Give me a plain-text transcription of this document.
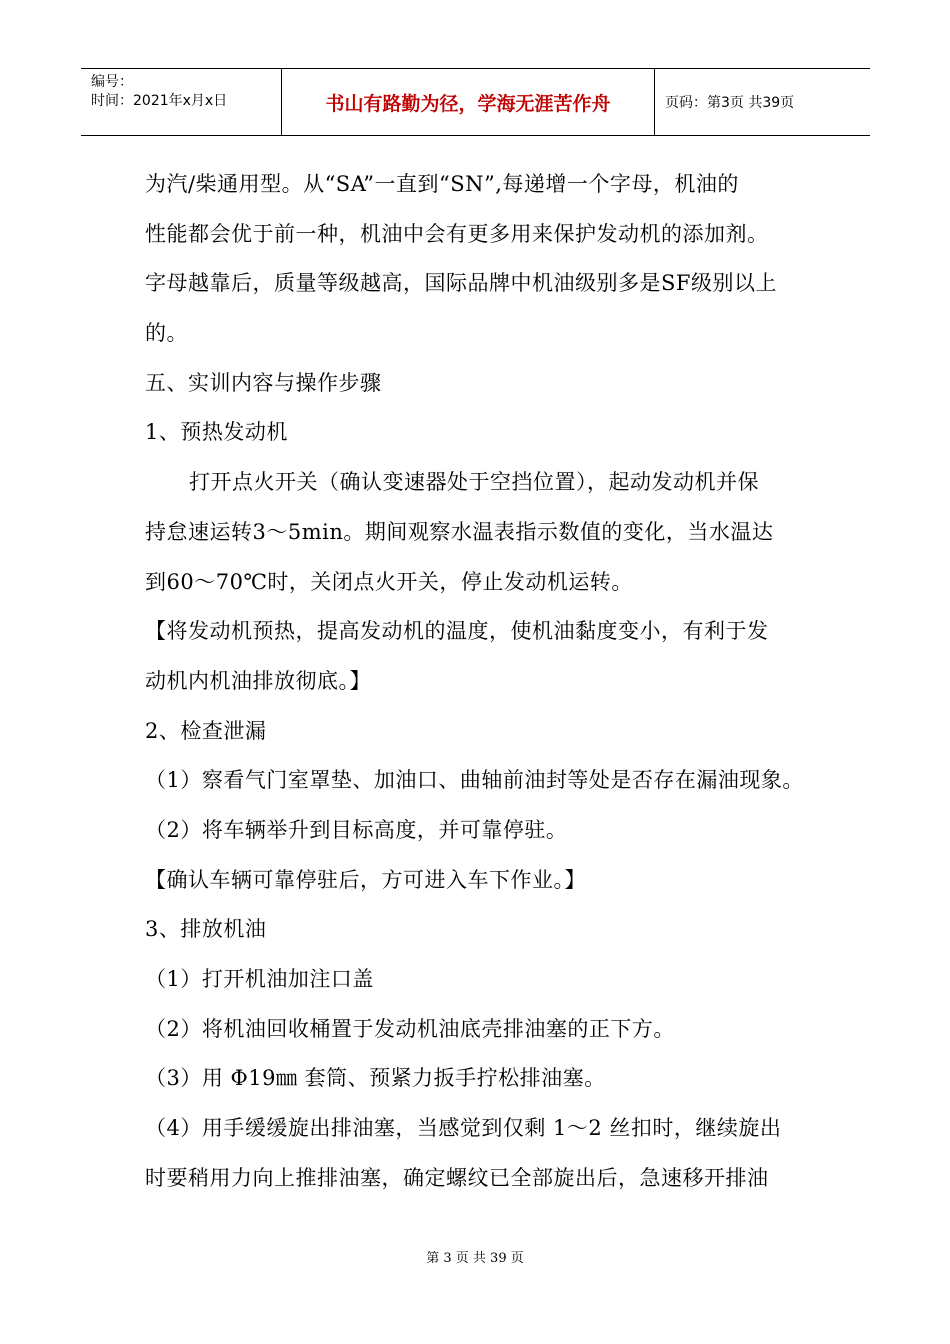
编号：
时间：2021年x月x日	书山有路勤为径，学海无涯苦作舟	页码：第3页 共39页
为汽/柴通用型。从“SA”一直到“SN”,每递增一个字母，机油的
性能都会优于前一种，机油中会有更多用来保护发动机的添加剂。
字母越靠后，质量等级越高，国际品牌中机油级别多是SF级别以上
的。
五、实训内容与操作步骤
1、预热发动机
打开点火开关（确认变速器处于空挡位置），起动发动机并保
持怠速运转3～5min。期间观察水温表指示数值的变化，当水温达
到60～70℃时，关闭点火开关，停止发动机运转。
【将发动机预热，提高发动机的温度，使机油黏度变小，有利于发
动机内机油排放彻底。】
2、检查泄漏
（1）察看气门室罩垫、加油口、曲轴前油封等处是否存在漏油现象。
（2）将车辆举升到目标高度，并可靠停驻。
【确认车辆可靠停驻后，方可进入车下作业。】
3、排放机油
（1）打开机油加注口盖
（2）将机油回收桶置于发动机油底壳排油塞的正下方。
（3）用 Φ19㎜ 套筒、预紧力扳手拧松排油塞。
（4）用手缓缓旋出排油塞，当感觉到仅剩 1～2 丝扣时，继续旋出
时要稍用力向上推排油塞，确定螺纹已全部旋出后，急速移开排油
第 3 页 共 39 页
